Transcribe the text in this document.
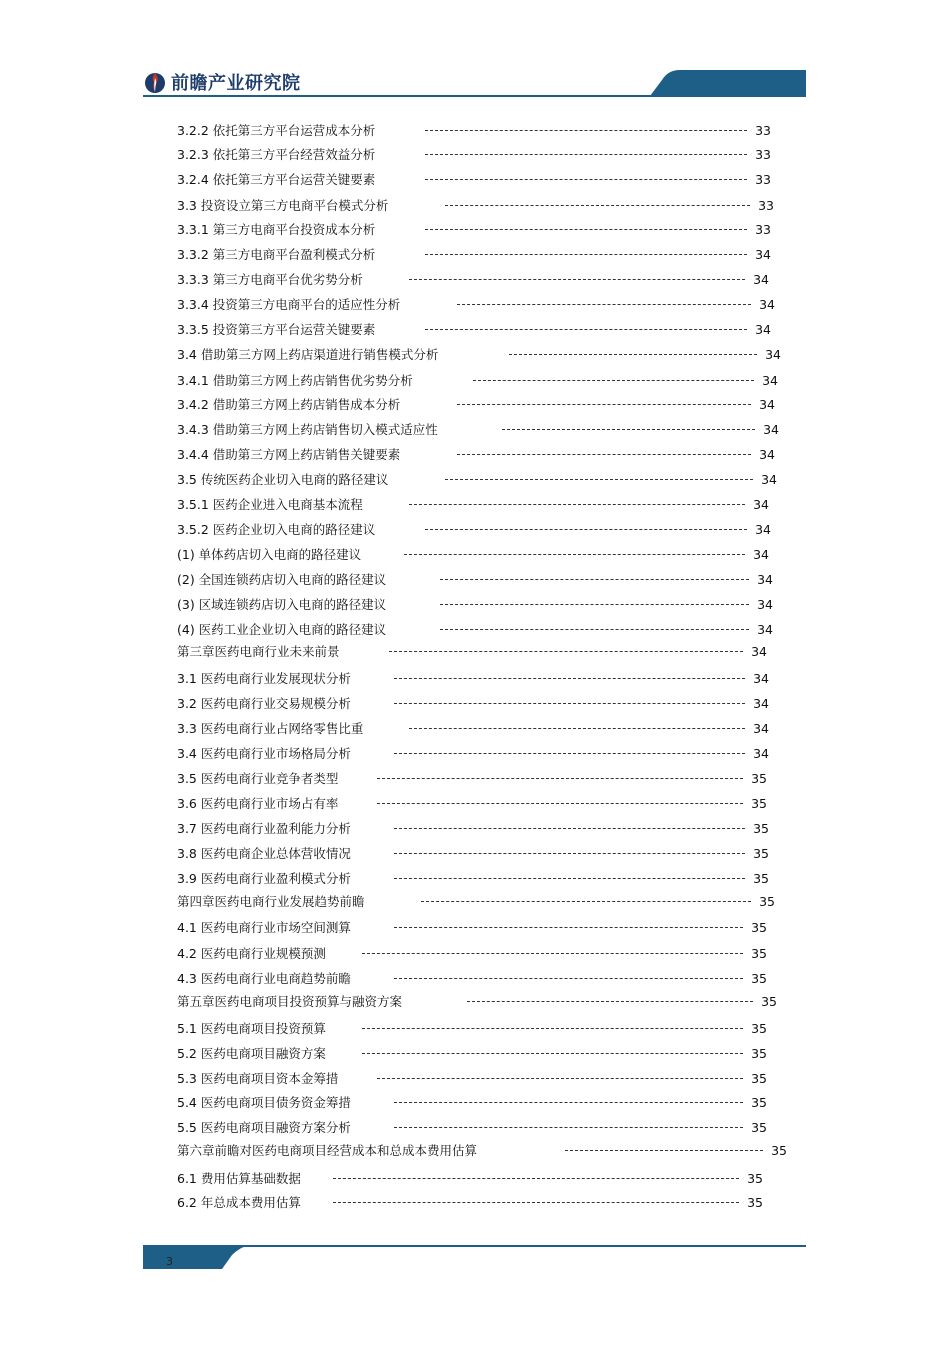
前瞻产业研究院
3.2.2 依托第三方平台运营成本分析	33
3.2.3 依托第三方平台经营效益分析	33
3.2.4 依托第三方平台运营关键要素	33
3.3 投资设立第三方电商平台模式分析	33
3.3.1 第三方电商平台投资成本分析	33
3.3.2 第三方电商平台盈利模式分析	34
3.3.3 第三方电商平台优劣势分析	34
3.3.4 投资第三方电商平台的适应性分析	34
3.3.5 投资第三方平台运营关键要素	34
3.4 借助第三方网上药店渠道进行销售模式分析	34
3.4.1 借助第三方网上药店销售优劣势分析	34
3.4.2 借助第三方网上药店销售成本分析	34
3.4.3 借助第三方网上药店销售切入模式适应性	34
3.4.4 借助第三方网上药店销售关键要素	34
3.5 传统医药企业切入电商的路径建议	34
3.5.1 医药企业进入电商基本流程	34
3.5.2 医药企业切入电商的路径建议	34
(1) 单体药店切入电商的路径建议	34
(2) 全国连锁药店切入电商的路径建议	34
(3) 区域连锁药店切入电商的路径建议	34
(4) 医药工业企业切入电商的路径建议	34
第三章医药电商行业未来前景	34
3.1 医药电商行业发展现状分析	34
3.2 医药电商行业交易规模分析	34
3.3 医药电商行业占网络零售比重	34
3.4 医药电商行业市场格局分析	34
3.5 医药电商行业竞争者类型	35
3.6 医药电商行业市场占有率	35
3.7 医药电商行业盈利能力分析	35
3.8 医药电商企业总体营收情况	35
3.9 医药电商行业盈利模式分析	35
第四章医药电商行业发展趋势前瞻	35
4.1 医药电商行业市场空间测算	35
4.2 医药电商行业规模预测	35
4.3 医药电商行业电商趋势前瞻	35
第五章医药电商项目投资预算与融资方案	35
5.1 医药电商项目投资预算	35
5.2 医药电商项目融资方案	35
5.3 医药电商项目资本金筹措	35
5.4 医药电商项目债务资金筹措	35
5.5 医药电商项目融资方案分析	35
第六章前瞻对医药电商项目经营成本和总成本费用估算	35
6.1 费用估算基础数据	35
6.2 年总成本费用估算	35
3
